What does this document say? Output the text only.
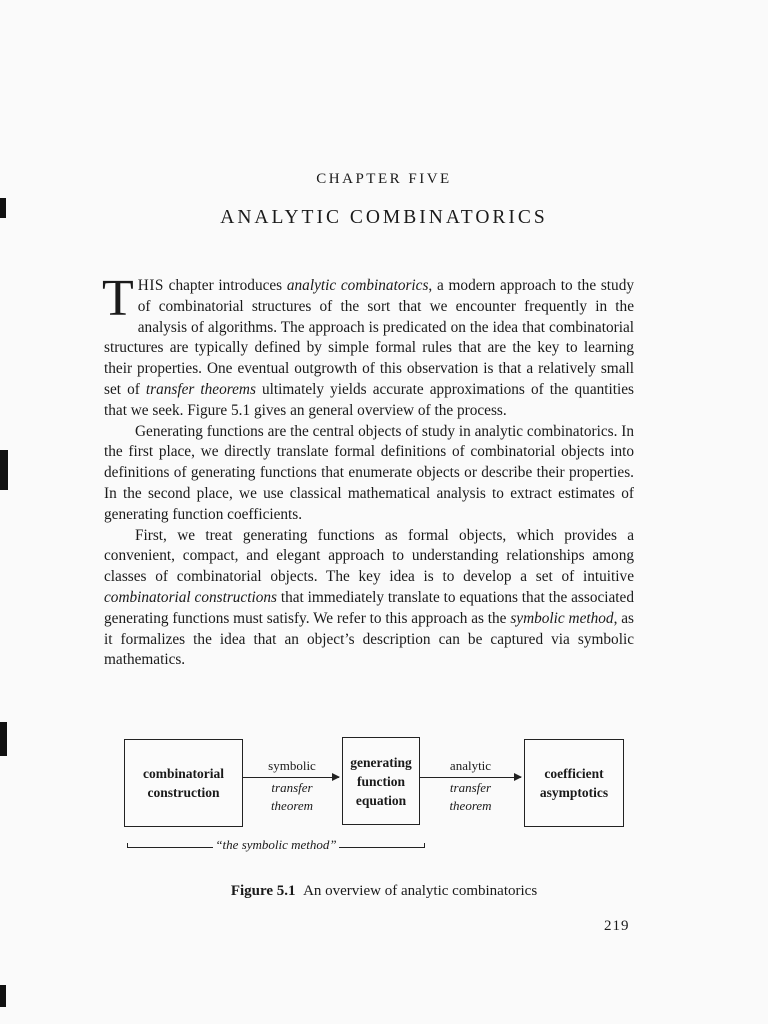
CHAPTER FIVE
ANALYTIC COMBINATORICS

THIS chapter introduces analytic combinatorics, a modern approach to the study of combinatorial structures of the sort that we encounter frequently in the analysis of algorithms. The approach is predicated on the idea that combinatorial structures are typically defined by simple formal rules that are the key to learning their properties. One eventual outgrowth of this observation is that a relatively small set of transfer theorems ultimately yields accurate approximations of the quantities that we seek. Figure 5.1 gives an general overview of the process.

Generating functions are the central objects of study in analytic combinatorics. In the first place, we directly translate formal definitions of combinatorial objects into definitions of generating functions that enumerate objects or describe their properties. In the second place, we use classical mathematical analysis to extract estimates of generating function coefficients.

First, we treat generating functions as formal objects, which provides a convenient, compact, and elegant approach to understanding relationships among classes of combinatorial objects. The key idea is to develop a set of intuitive combinatorial constructions that immediately translate to equations that the associated generating functions must satisfy. We refer to this approach as the symbolic method, as it formalizes the idea that an object’s description can be captured via symbolic mathematics.

combinatorial
construction
generating
function
equation
coefficient
asymptotics
symbolic
transfer
theorem
analytic
transfer
theorem
“the symbolic method”
Figure 5.1 An overview of analytic combinatorics
219
